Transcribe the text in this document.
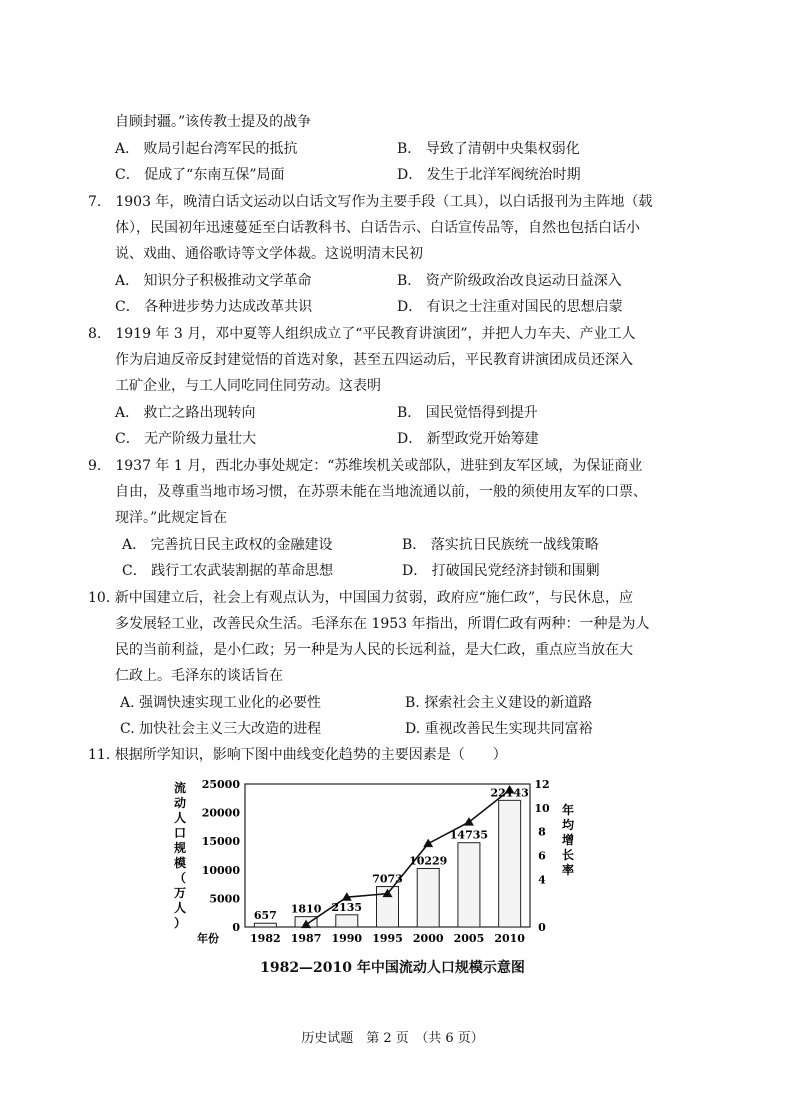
自顾封疆。”该传教士提及的战争
A． 败局引起台湾军民的抵抗	B． 导致了清朝中央集权弱化
C． 促成了“东南互保”局面	D． 发生于北洋军阀统治时期
7.　1903 年，晚清白话文运动以白话文写作为主要手段（工具），以白话报刊为主阵地（载
体），民国初年迅速蔓延至白话教科书、白话告示、白话宣传品等，自然也包括白话小
说、戏曲、通俗歌诗等文学体裁。这说明清末民初
A． 知识分子积极推动文学革命	B． 资产阶级政治改良运动日益深入
C． 各种进步势力达成改革共识	D． 有识之士注重对国民的思想启蒙
8.　1919 年 3 月，邓中夏等人组织成立了“平民教育讲演团”，并把人力车夫、产业工人
作为启迪反帝反封建觉悟的首选对象，甚至五四运动后，平民教育讲演团成员还深入
工矿企业，与工人同吃同住同劳动。这表明
A． 救亡之路出现转向	B． 国民觉悟得到提升
C． 无产阶级力量壮大	D． 新型政党开始筹建
9.　1937 年 1 月，西北办事处规定：“苏维埃机关或部队，进驻到友军区域，为保证商业
自由，及尊重当地市场习惯，在苏票未能在当地流通以前，一般的须使用友军的口票、
现洋。”此规定旨在
A． 完善抗日民主政权的金融建设	B． 落实抗日民族统一战线策略
C． 践行工农武装割据的革命思想	D． 打破国民党经济封锁和围剿
10. 新中国建立后，社会上有观点认为，中国国力贫弱，政府应“施仁政”，与民休息，应
多发展轻工业，改善民众生活。毛泽东在 1953 年指出，所谓仁政有两种：一种是为人
民的当前利益，是小仁政；另一种是为人民的长远利益，是大仁政，重点应当放在大
仁政上。毛泽东的谈话旨在
A. 强调快速实现工业化的必要性	B. 探索社会主义建设的新道路
C. 加快社会主义三大改造的进程	D. 重视改善民生实现共同富裕
11. 根据所学知识，影响下图中曲线变化趋势的主要因素是（　　）
657
1810 2135
7073
10229
14735
22143
0
5000
10000
15000
20000
25000
0
4
6
8
10
12
1982 1987 1990 1995 2000 2005 2010
流
动
人
口
规
模
（
万
人
）
年
均
增
长
率
年份
1982—2010 年中国流动人口规模示意图
历史试题　第 2 页　（共 6 页）
